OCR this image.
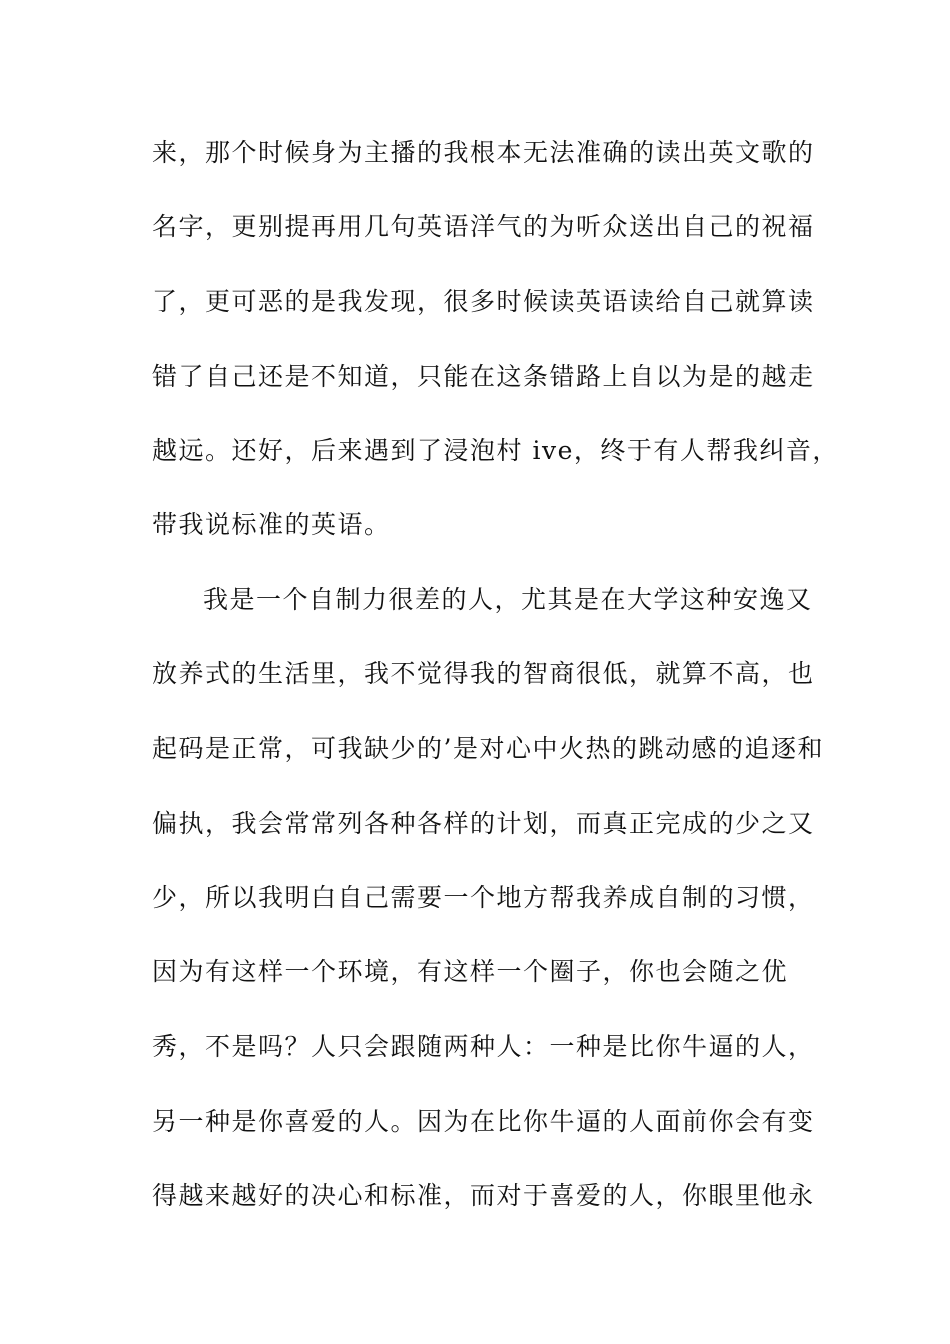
来，那个时候身为主播的我根本无法准确的读出英文歌的
名字，更别提再用几句英语洋气的为听众送出自己的祝福
了，更可恶的是我发现，很多时候读英语读给自己就算读
错了自己还是不知道，只能在这条错路上自以为是的越走
越远。还好，后来遇到了浸泡村 ive，终于有人帮我纠音，
带我说标准的英语。
我是一个自制力很差的人，尤其是在大学这种安逸又
放养式的生活里，我不觉得我的智商很低，就算不高，也
起码是正常，可我缺少的’是对心中火热的跳动感的追逐和
偏执，我会常常列各种各样的计划，而真正完成的少之又
少，所以我明白自己需要一个地方帮我养成自制的习惯，
因为有这样一个环境，有这样一个圈子，你也会随之优
秀，不是吗？人只会跟随两种人：一种是比你牛逼的人，
另一种是你喜爱的人。因为在比你牛逼的人面前你会有变
得越来越好的决心和标准，而对于喜爱的人，你眼里他永
